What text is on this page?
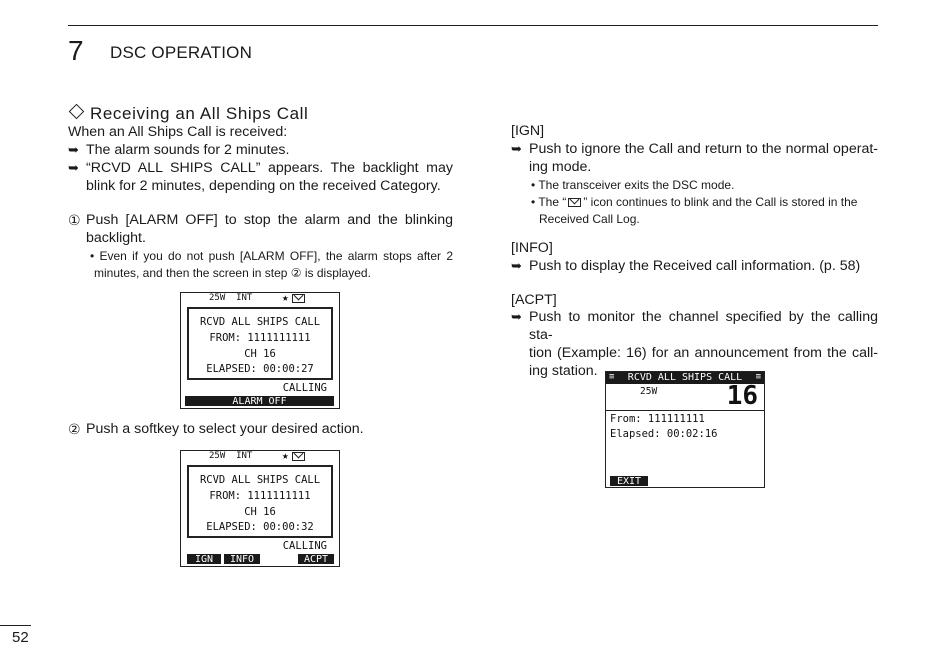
7 DSC OPERATION
Receiving an All Ships Call
When an All Ships Call is received:
➥ The alarm sounds for 2 minutes.
➥ “RCVD ALL SHIPS CALL” appears. The backlight may
blink for 2 minutes, depending on the received Category.
① Push [ALARM OFF] to stop the alarm and the blinking
backlight.
• Even if you do not push [ALARM OFF], the alarm stops after 2
minutes, and then the screen in step ② is displayed.
25W  INT	★
RCVD ALL SHIPS CALL
FROM: 1111111111
CH 16
ELAPSED: 00:00:27
CALLING
ALARM OFF
② Push a softkey to select your desired action.
25W  INT	★
RCVD ALL SHIPS CALL
FROM: 1111111111
CH 16
ELAPSED: 00:00:32
CALLING
IGN	INFO	ACPT
[IGN]
➥ Push to ignore the Call and return to the normal operat-
ing mode.
• The transceiver exits the DSC mode.
• The “ ” icon continues to blink and the Call is stored in the
Received Call Log.
[INFO]
➥ Push to display the Received call information. (p. 58)
[ACPT]
➥ Push to monitor the channel specified by the calling sta-
tion (Example: 16) for an announcement from the call-
ing station.	≡	RCVD ALL SHIPS CALL	≡
25W	16
From: 111111111
Elapsed: 00:02:16
EXIT
52
